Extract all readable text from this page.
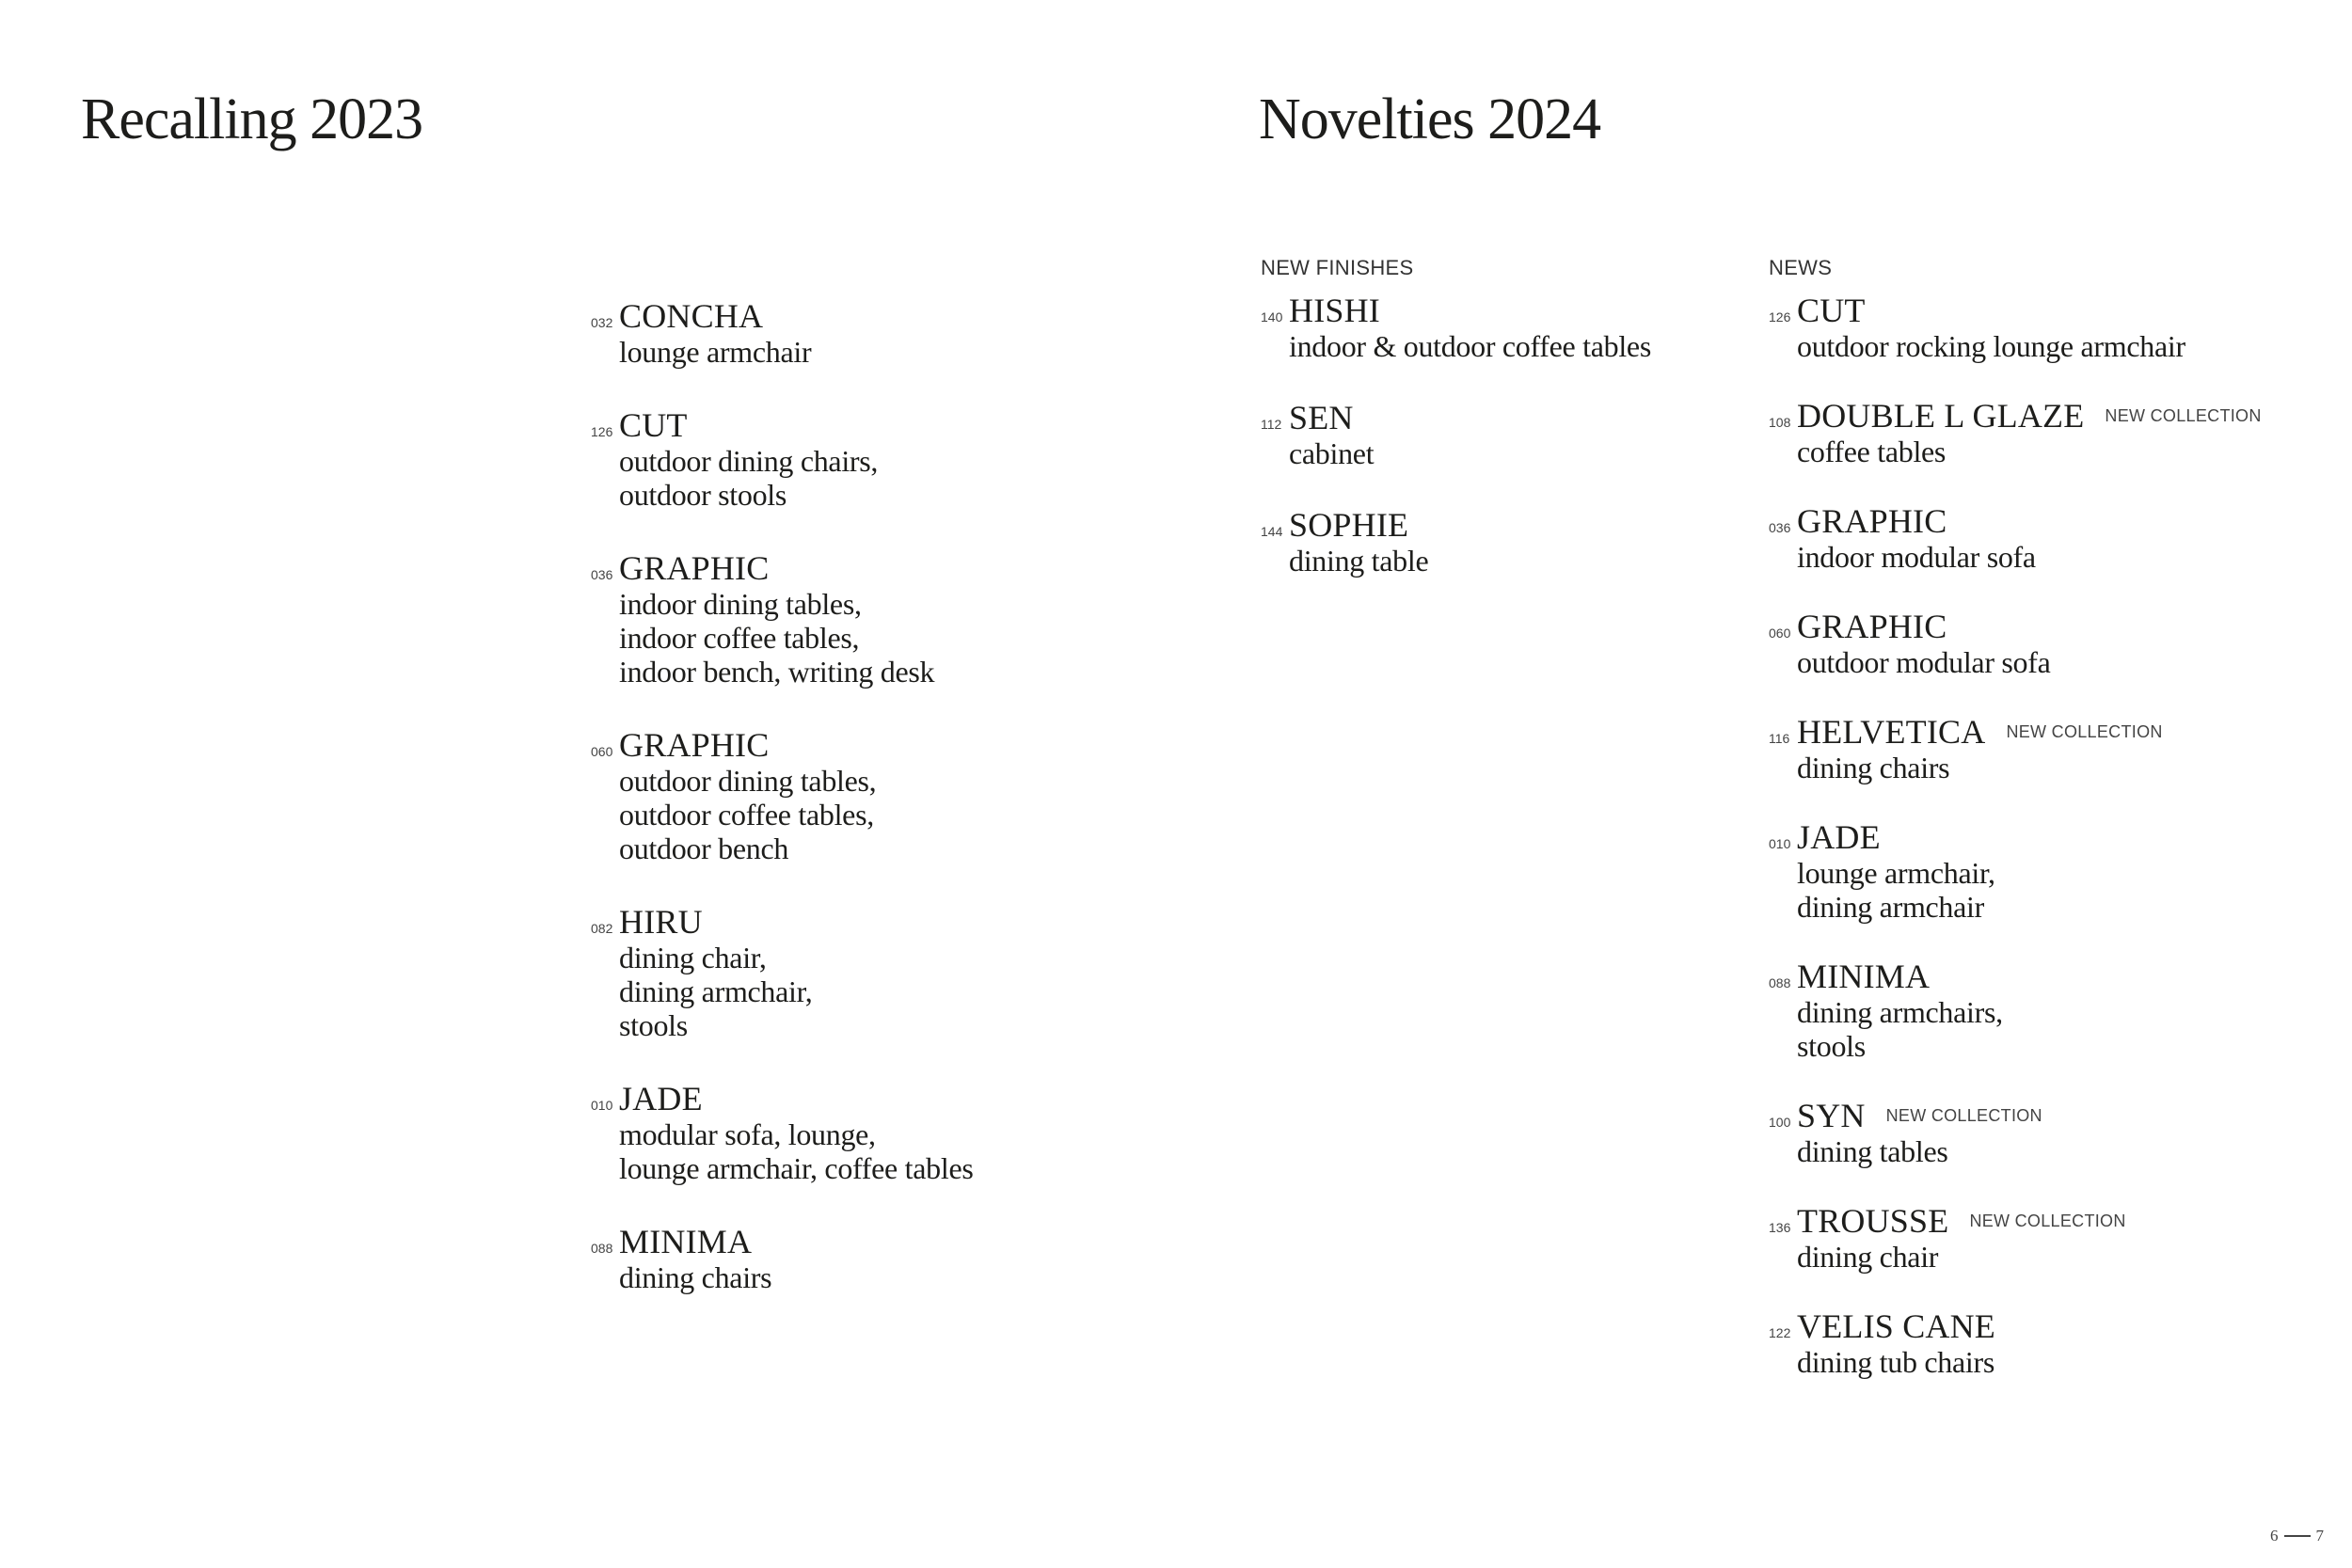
Recalling 2023	Novelties 2024
NEW FINISHES	NEWS
032 CONCHA
lounge armchair
126 CUT
outdoor dining chairs,
outdoor stools
036 GRAPHIC
indoor dining tables,
indoor coffee tables,
indoor bench, writing desk
060 GRAPHIC
outdoor dining tables,
outdoor coffee tables,
outdoor bench
082 HIRU
dining chair,
dining armchair,
stools
010 JADE
modular sofa, lounge,
lounge armchair, coffee tables
088 MINIMA
dining chairs
140 HISHI
indoor & outdoor coffee tables
112 SEN
cabinet
144 SOPHIE
dining table
126 CUT
outdoor rocking lounge armchair
108 DOUBLE L GLAZE NEW COLLECTION
coffee tables
036 GRAPHIC
indoor modular sofa
060 GRAPHIC
outdoor modular sofa
116 HELVETICA NEW COLLECTION
dining chairs
010 JADE
lounge armchair,
dining armchair
088 MINIMA
dining armchairs,
stools
100 SYN NEW COLLECTION
dining tables
136 TROUSSE NEW COLLECTION
dining chair
122 VELIS CANE
dining tub chairs
6 7
